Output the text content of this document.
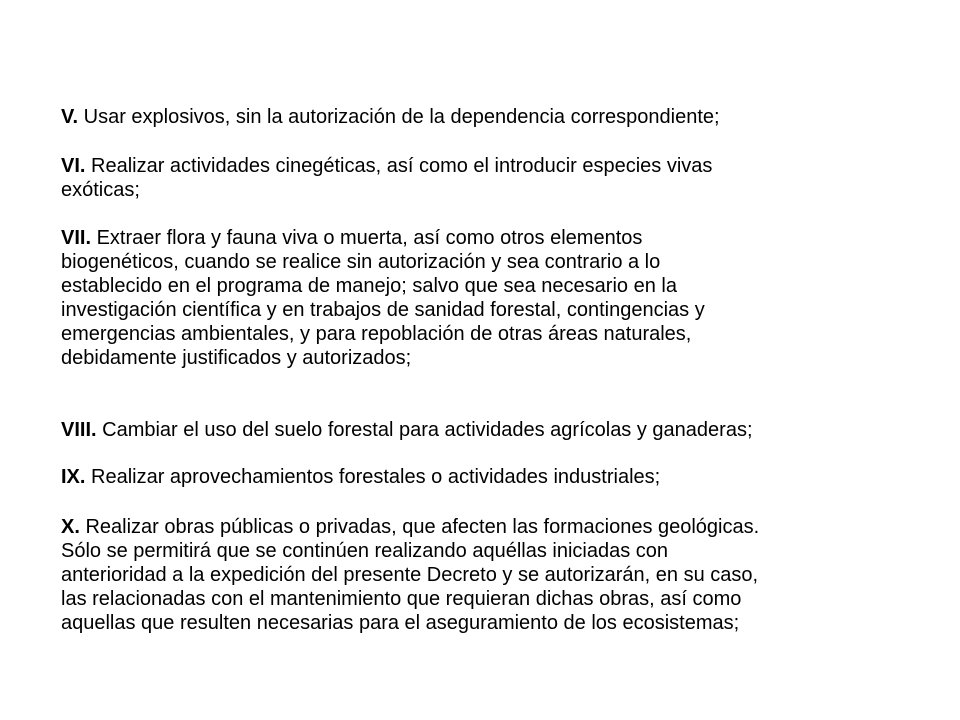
V. Usar explosivos, sin la autorización de la dependencia correspondiente;

VI. Realizar actividades cinegéticas, así como el introducir especies vivas
exóticas;

VII. Extraer flora y fauna viva o muerta, así como otros elementos
biogenéticos, cuando se realice sin autorización y sea contrario a lo
establecido en el programa de manejo; salvo que sea necesario en la
investigación científica y en trabajos de sanidad forestal, contingencias y
emergencias ambientales, y para repoblación de otras áreas naturales,
debidamente justificados y autorizados;

VIII. Cambiar el uso del suelo forestal para actividades agrícolas y ganaderas;

IX. Realizar aprovechamientos forestales o actividades industriales;

X. Realizar obras públicas o privadas, que afecten las formaciones geológicas.
Sólo se permitirá que se continúen realizando aquéllas iniciadas con
anterioridad a la expedición del presente Decreto y se autorizarán, en su caso,
las relacionadas con el mantenimiento que requieran dichas obras, así como
aquellas que resulten necesarias para el aseguramiento de los ecosistemas;
